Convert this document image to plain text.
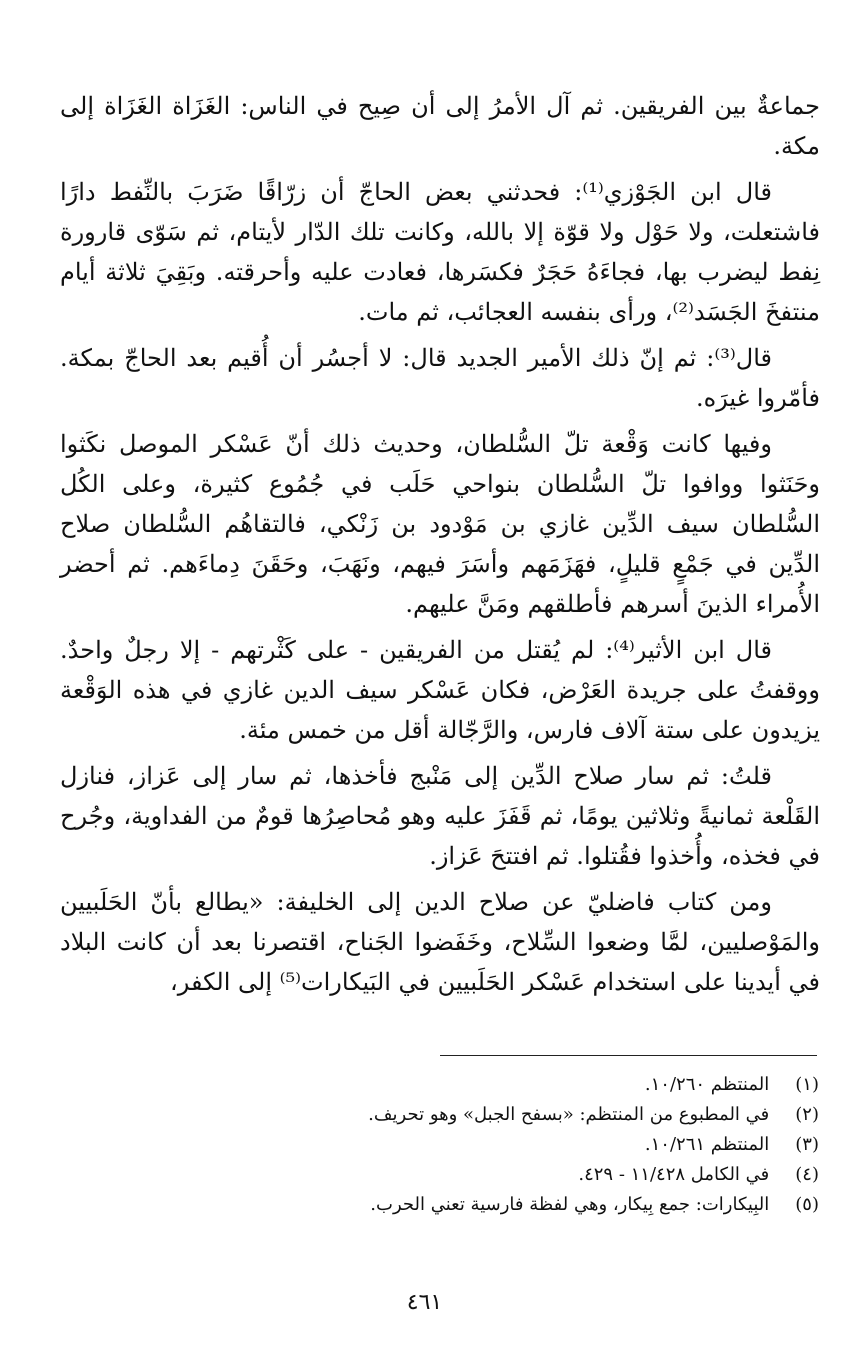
جماعةٌ بين الفريقين. ثم آل الأمرُ إلى أن صِيح في الناس: الغَزَاة الغَزَاة إلى مكة.

قال ابن الجَوْزي⁽¹⁾: فحدثني بعض الحاجّ أن زرّاقًا ضَرَبَ بالنِّفط دارًا فاشتعلت، ولا حَوْل ولا قوّة إلا بالله، وكانت تلك الدّار لأيتام، ثم سَوّى قارورة نِفط ليضرب بها، فجاءَهُ حَجَرٌ فكسَرها، فعادت عليه وأحرقته. وبَقِيَ ثلاثة أيام منتفخَ الجَسَد⁽²⁾، ورأى بنفسه العجائب، ثم مات.

قال⁽³⁾: ثم إنّ ذلك الأمير الجديد قال: لا أجسُر أن أُقيم بعد الحاجّ بمكة. فأمّروا غيرَه.

وفيها كانت وَقْعة تلّ السُّلطان، وحديث ذلك أنّ عَسْكر الموصل نكَثوا وحَنَثوا ووافوا تلّ السُّلطان بنواحي حَلَب في جُمُوع كثيرة، وعلى الكُل السُّلطان سيف الدِّين غازي بن مَوْدود بن زَنْكي، فالتقاهُم السُّلطان صلاح الدِّين في جَمْعٍ قليلٍ، فهَزَمَهم وأسَرَ فيهم، ونَهَبَ، وحَقَنَ دِماءَهم. ثم أحضر الأُمراء الذينَ أسرهم فأطلقهم ومَنَّ عليهم.

قال ابن الأثير⁽⁴⁾: لم يُقتل من الفريقين - على كَثْرتهم - إلا رجلٌ واحدٌ. ووقفتُ على جريدة العَرْض، فكان عَسْكر سيف الدين غازي في هذه الوَقْعة يزيدون على ستة آلاف فارس، والرَّجّالة أقل من خمس مئة.

قلتُ: ثم سار صلاح الدِّين إلى مَنْبج فأخذها، ثم سار إلى عَزاز، فنازل القَلْعة ثمانيةً وثلاثين يومًا، ثم قَفَزَ عليه وهو مُحاصِرُها قومٌ من الفداوية، وجُرح في فخذه، وأُخذوا فقُتلوا. ثم افتتحَ عَزاز.

ومن كتاب فاضليّ عن صلاح الدين إلى الخليفة: «يطالع بأنّ الحَلَبيين والمَوْصليين، لمَّا وضعوا السِّلاح، وخَفَضوا الجَناح، اقتصرنا بعد أن كانت البلاد في أيدينا على استخدام عَسْكر الحَلَبيين في البَيكارات⁽⁵⁾ إلى الكفر،

(١) المنتظم ١٠/٢٦٠.

(٢) في المطبوع من المنتظم: «بسفح الجبل» وهو تحريف.

(٣) المنتظم ١٠/٢٦١.

(٤) في الكامل ١١/٤٢٨ - ٤٢٩.

(٥) البِيكارات: جمع بِيكار، وهي لفظة فارسية تعني الحرب.

٤٦١
